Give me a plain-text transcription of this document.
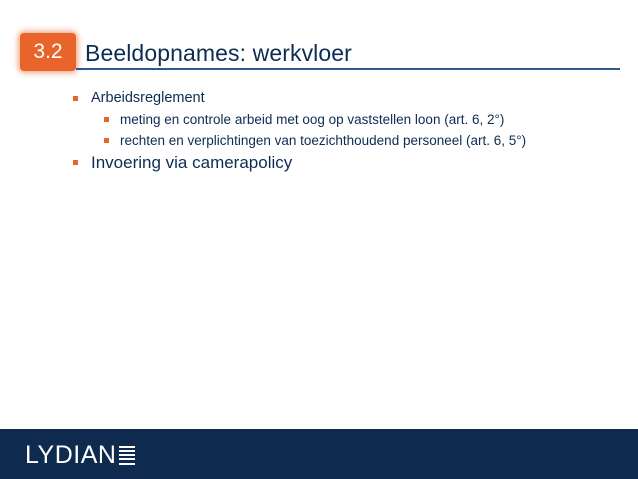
3.2 Beeldopnames: werkvloer
Arbeidsreglement
meting en controle arbeid met oog op vaststellen loon (art. 6, 2°)
rechten en verplichtingen van toezichthoudend personeel (art. 6, 5°)
Invoering via camerapolicy
LYDIAN
